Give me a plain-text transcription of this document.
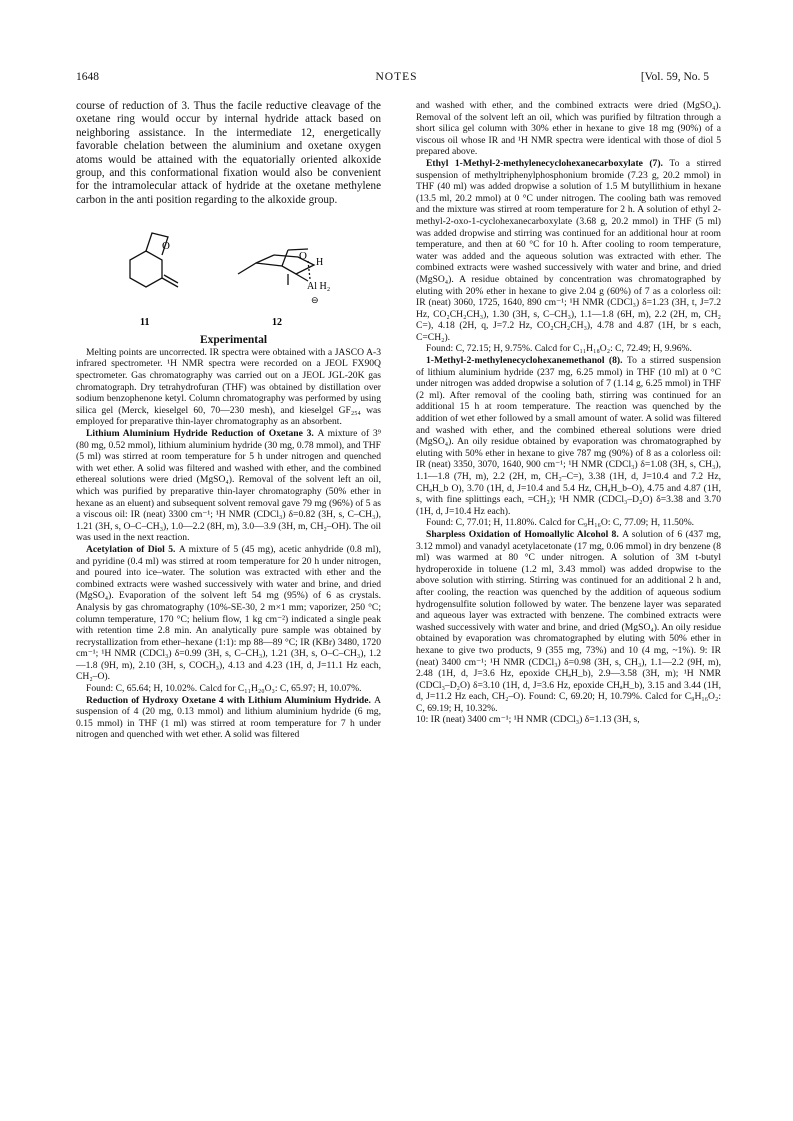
1648	NOTES	[Vol. 59, No. 5

course of reduction of 3. Thus the facile reductive cleavage of the oxetane ring would occur by internal hydride attack based on neighboring assistance. In the intermediate 12, energetically favorable chelation between the aluminium and oxetane oxygen atoms would be attained with the equatorially oriented alkoxide group, and this conformational fixation would also be convenient for the intramolecular attack of hydride at the oxetane methylene carbon in the anti position regarding to the alkoxide group.

O
O
H
Al H₂
⊖
11	12

Experimental

Melting points are uncorrected. IR spectra were obtained with a JASCO A-3 infrared spectrometer. ¹H NMR spectra were recorded on a JEOL FX90Q spectrometer. Gas chromatography was carried out on a JEOL JGL-20K gas chromatograph. Dry tetrahydrofuran (THF) was obtained by distillation over sodium benzophenone ketyl. Column chromatography was performed by using silica gel (Merck, kieselgel 60, 70—230 mesh), and kieselgel GF₂₅₄ was employed for preparative thin-layer chromatography as an absorbent.

Lithium Aluminium Hydride Reduction of Oxetane 3. A mixture of 3⁹ (80 mg, 0.52 mmol), lithium aluminium hydride (30 mg, 0.78 mmol), and THF (5 ml) was stirred at room temperature for 5 h under nitrogen and quenched with wet ether. A solid was filtered and washed with ether, and the combined ethereal solutions were dried (MgSO₄). Removal of the solvent left an oil, which was purified by preparative thin-layer chromatography (50% ether in hexane as an eluent) and subsequent solvent removal gave 79 mg (96%) of 5 as a viscous oil: IR (neat) 3300 cm⁻¹; ¹H NMR (CDCl₃) δ=0.82 (3H, s, C–CH₃), 1.21 (3H, s, O–C–CH₃), 1.0—2.2 (8H, m), 3.0—3.9 (3H, m, CH₂–OH). The oil was used in the next reaction.

Acetylation of Diol 5. A mixture of 5 (45 mg), acetic anhydride (0.8 ml), and pyridine (0.4 ml) was stirred at room temperature for 20 h under nitrogen, and poured into ice–water. The solution was extracted with ether and the combined extracts were washed successively with water and brine, and dried (MgSO₄). Evaporation of the solvent left 54 mg (95%) of 6 as crystals. Analysis by gas chromatography (10%-SE-30, 2 m×1 mm; vaporizer, 250 °C; column temperature, 170 °C; helium flow, 1 kg cm⁻²) indicated a single peak with retention time 2.8 min. An analytically pure sample was obtained by recrystallization from ether–hexane (1:1): mp 88—89 °C; IR (KBr) 3480, 1720 cm⁻¹; ¹H NMR (CDCl₃) δ=0.99 (3H, s, C–CH₃), 1.21 (3H, s, O–C–CH₃), 1.2—1.8 (9H, m), 2.10 (3H, s, COCH₃), 4.13 and 4.23 (1H, d, J=11.1 Hz each, CH₂–O).

Found: C, 65.64; H, 10.02%. Calcd for C₁₁H₂₀O₃: C, 65.97; H, 10.07%.

Reduction of Hydroxy Oxetane 4 with Lithium Aluminium Hydride. A suspension of 4 (20 mg, 0.13 mmol) and lithium aluminium hydride (6 mg, 0.15 mmol) in THF (1 ml) was stirred at room temperature for 7 h under nitrogen and quenched with wet ether. A solid was filtered

and washed with ether, and the combined extracts were dried (MgSO₄). Removal of the solvent left an oil, which was purified by filtration through a short silica gel column with 30% ether in hexane to give 18 mg (90%) of a viscous oil whose IR and ¹H NMR spectra were identical with those of diol 5 prepared above.

Ethyl 1-Methyl-2-methylenecyclohexanecarboxylate (7). To a stirred suspension of methyltriphenylphosphonium bromide (7.23 g, 20.2 mmol) in THF (40 ml) was added dropwise a solution of 1.5 M butyllithium in hexane (13.5 ml, 20.2 mmol) at 0 °C under nitrogen. The cooling bath was removed and the mixture was stirred at room temperature for 2 h. A solution of ethyl 2-methyl-2-oxo-1-cyclohexanecarboxylate (3.68 g, 20.2 mmol) in THF (5 ml) was added dropwise and stirring was continued for an additional hour at room temperature, and then at 60 °C for 10 h. After cooling to room temperature, water was added and the aqueous solution was extracted with ether. The combined extracts were washed successively with water and brine, and dried (MgSO₄). A residue obtained by concentration was chromatographed by eluting with 20% ether in hexane to give 2.04 g (60%) of 7 as a colorless oil: IR (neat) 3060, 1725, 1640, 890 cm⁻¹; ¹H NMR (CDCl₃) δ=1.23 (3H, t, J=7.2 Hz, CO₂CH₂CH₃), 1.30 (3H, s, C–CH₃), 1.1—1.8 (6H, m), 2.2 (2H, m, CH₂ C=), 4.18 (2H, q, J=7.2 Hz, CO₂CH₂CH₃), 4.78 and 4.87 (1H, br s each, C=CH₂).

Found: C, 72.15; H, 9.75%. Calcd for C₁₁H₁₈O₂: C, 72.49; H, 9.96%.

1-Methyl-2-methylenecyclohexanemethanol (8). To a stirred suspension of lithium aluminium hydride (237 mg, 6.25 mmol) in THF (10 ml) at 0 °C under nitrogen was added dropwise a solution of 7 (1.14 g, 6.25 mmol) in THF (2 ml). After removal of the cooling bath, stirring was continued for an additional 15 h at room temperature. The reaction was quenched by the addition of wet ether followed by a small amount of water. A solid was filtered and washed with ether, and the combined ethereal solutions were dried (MgSO₄). An oily residue obtained by evaporation was chromatographed by eluting with 50% ether in hexane to give 787 mg (90%) of 8 as a colorless oil: IR (neat) 3350, 3070, 1640, 900 cm⁻¹; ¹H NMR (CDCl₃) δ=1.08 (3H, s, CH₃), 1.1—1.8 (7H, m), 2.2 (2H, m, CH₂–C=), 3.38 (1H, d, J=10.4 and 7.2 Hz, CHₐH_b O), 3.70 (1H, d, J=10.4 and 5.4 Hz, CHₐH_b–O), 4.75 and 4.87 (1H, s, with fine splittings each, =CH₂); ¹H NMR (CDCl₃–D₂O) δ=3.38 and 3.70 (1H, d, J=10.4 Hz each).

Found: C, 77.01; H, 11.80%. Calcd for C₉H₁₆O: C, 77.09; H, 11.50%.

Sharpless Oxidation of Homoallylic Alcohol 8. A solution of 6 (437 mg, 3.12 mmol) and vanadyl acetylacetonate (17 mg, 0.06 mmol) in dry benzene (8 ml) was warmed at 80 °C under nitrogen. A solution of 3M t-butyl hydroperoxide in toluene (1.2 ml, 3.43 mmol) was added dropwise to the above solution with stirring. Stirring was continued for an additional 2 h and, after cooling, the reaction was quenched by the addition of aqueous sodium hydrogensulfite solution followed by water. The benzene layer was separated and aqueous layer was extracted with benzene. The combined extracts were washed successively with water and brine, and dried (MgSO₄). An oily residue obtained by evaporation was chromatographed by eluting with 50% ether in hexane to give two products, 9 (355 mg, 73%) and 10 (4 mg, ~1%). 9: IR (neat) 3400 cm⁻¹; ¹H NMR (CDCl₃) δ=0.98 (3H, s, CH₃), 1.1—2.2 (9H, m), 2.48 (1H, d, J=3.6 Hz, epoxide CHₐH_b), 2.9—3.58 (3H, m); ¹H NMR (CDCl₃–D₂O) δ=3.10 (1H, d, J=3.6 Hz, epoxide CHₐH_b), 3.15 and 3.44 (1H, d, J=11.2 Hz each, CH₂–O). Found: C, 69.20; H, 10.79%. Calcd for C₉H₁₆O₂: C, 69.19; H, 10.32%.

10: IR (neat) 3400 cm⁻¹; ¹H NMR (CDCl₃) δ=1.13 (3H, s,
